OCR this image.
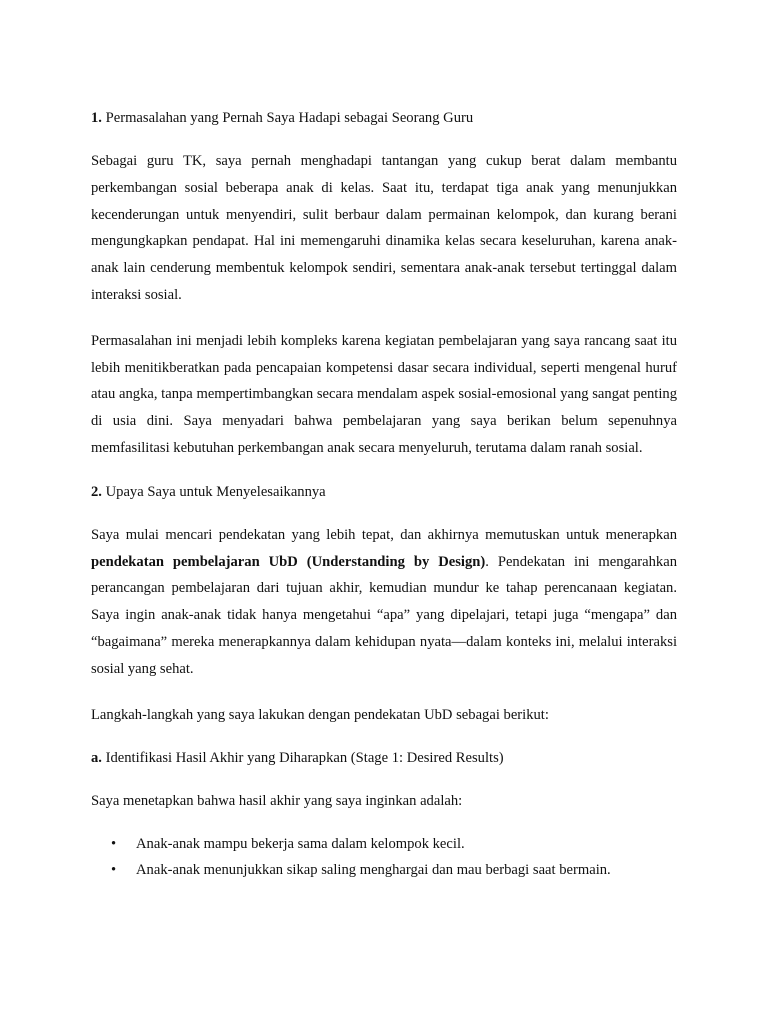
1. Permasalahan yang Pernah Saya Hadapi sebagai Seorang Guru

Sebagai guru TK, saya pernah menghadapi tantangan yang cukup berat dalam membantu perkembangan sosial beberapa anak di kelas. Saat itu, terdapat tiga anak yang menunjukkan kecenderungan untuk menyendiri, sulit berbaur dalam permainan kelompok, dan kurang berani mengungkapkan pendapat. Hal ini memengaruhi dinamika kelas secara keseluruhan, karena anak-anak lain cenderung membentuk kelompok sendiri, sementara anak-anak tersebut tertinggal dalam interaksi sosial.

Permasalahan ini menjadi lebih kompleks karena kegiatan pembelajaran yang saya rancang saat itu lebih menitikberatkan pada pencapaian kompetensi dasar secara individual, seperti mengenal huruf atau angka, tanpa mempertimbangkan secara mendalam aspek sosial-emosional yang sangat penting di usia dini. Saya menyadari bahwa pembelajaran yang saya berikan belum sepenuhnya memfasilitasi kebutuhan perkembangan anak secara menyeluruh, terutama dalam ranah sosial.

2. Upaya Saya untuk Menyelesaikannya

Saya mulai mencari pendekatan yang lebih tepat, dan akhirnya memutuskan untuk menerapkan pendekatan pembelajaran UbD (Understanding by Design). Pendekatan ini mengarahkan perancangan pembelajaran dari tujuan akhir, kemudian mundur ke tahap perencanaan kegiatan. Saya ingin anak-anak tidak hanya mengetahui “apa” yang dipelajari, tetapi juga “mengapa” dan “bagaimana” mereka menerapkannya dalam kehidupan nyata—dalam konteks ini, melalui interaksi sosial yang sehat.

Langkah-langkah yang saya lakukan dengan pendekatan UbD sebagai berikut:

a. Identifikasi Hasil Akhir yang Diharapkan (Stage 1: Desired Results)

Saya menetapkan bahwa hasil akhir yang saya inginkan adalah:

• Anak-anak mampu bekerja sama dalam kelompok kecil.
• Anak-anak menunjukkan sikap saling menghargai dan mau berbagi saat bermain.
